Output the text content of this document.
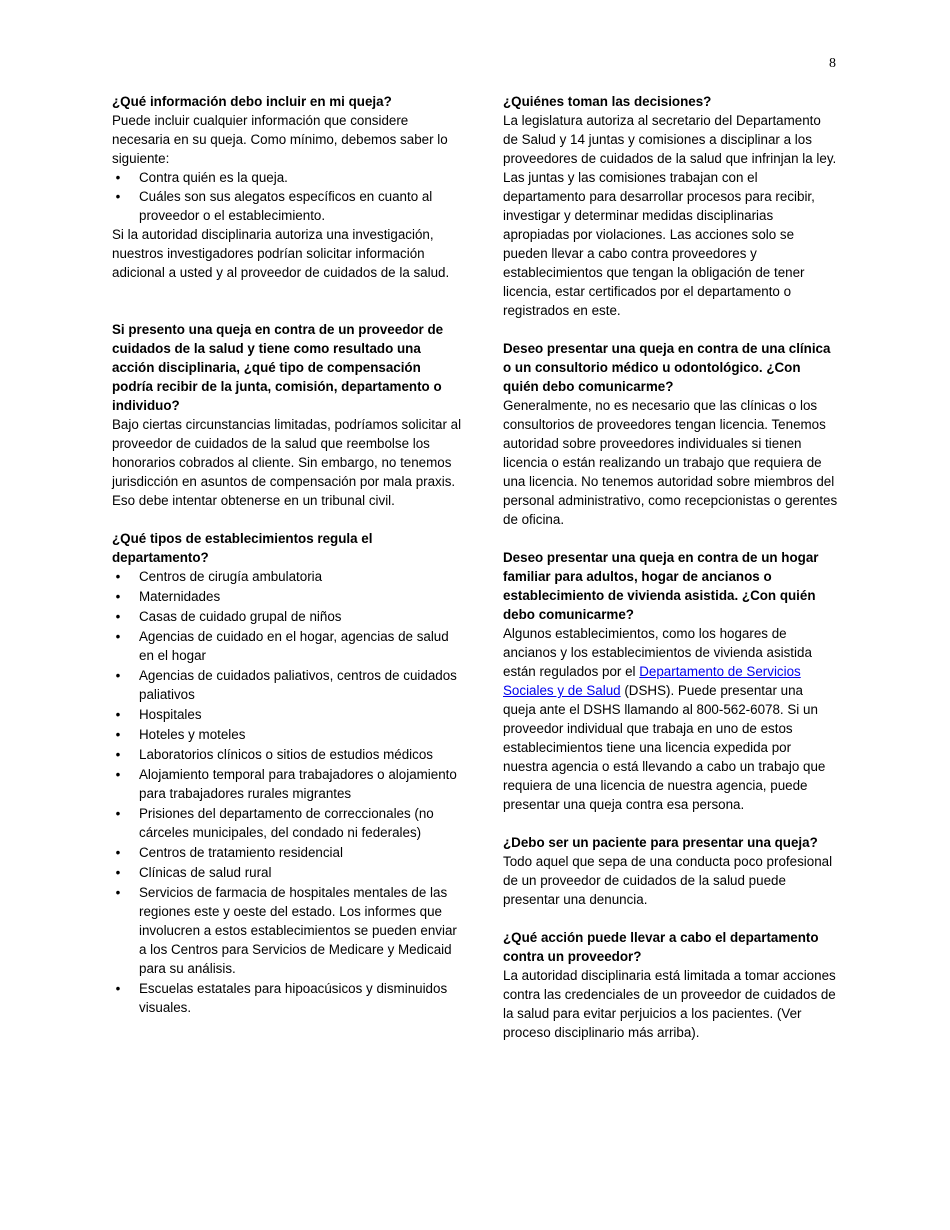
8

¿Qué información debo incluir en mi queja?

Puede incluir cualquier información que considere necesaria en su queja. Como mínimo, debemos saber lo siguiente:

• Contra quién es la queja.
• Cuáles son sus alegatos específicos en cuanto al proveedor o el establecimiento.

Si la autoridad disciplinaria autoriza una investigación, nuestros investigadores podrían solicitar información adicional a usted y al proveedor de cuidados de la salud.

Si presento una queja en contra de un proveedor de cuidados de la salud y tiene como resultado una acción disciplinaria, ¿qué tipo de compensación podría recibir de la junta, comisión, departamento o individuo?

Bajo ciertas circunstancias limitadas, podríamos solicitar al proveedor de cuidados de la salud que reembolse los honorarios cobrados al cliente. Sin embargo, no tenemos jurisdicción en asuntos de compensación por mala praxis. Eso debe intentar obtenerse en un tribunal civil.

¿Qué tipos de establecimientos regula el departamento?

• Centros de cirugía ambulatoria
• Maternidades
• Casas de cuidado grupal de niños
• Agencias de cuidado en el hogar, agencias de salud en el hogar
• Agencias de cuidados paliativos, centros de cuidados paliativos
• Hospitales
• Hoteles y moteles
• Laboratorios clínicos o sitios de estudios médicos
• Alojamiento temporal para trabajadores o alojamiento para trabajadores rurales migrantes
• Prisiones del departamento de correccionales (no cárceles municipales, del condado ni federales)
• Centros de tratamiento residencial
• Clínicas de salud rural
• Servicios de farmacia de hospitales mentales de las regiones este y oeste del estado. Los informes que involucren a estos establecimientos se pueden enviar a los Centros para Servicios de Medicare y Medicaid para su análisis.
• Escuelas estatales para hipoacúsicos y disminuidos visuales.

¿Quiénes toman las decisiones?

La legislatura autoriza al secretario del Departamento de Salud y 14 juntas y comisiones a disciplinar a los proveedores de cuidados de la salud que infrinjan la ley. Las juntas y las comisiones trabajan con el departamento para desarrollar procesos para recibir, investigar y determinar medidas disciplinarias apropiadas por violaciones. Las acciones solo se pueden llevar a cabo contra proveedores y establecimientos que tengan la obligación de tener licencia, estar certificados por el departamento o registrados en este.

Deseo presentar una queja en contra de una clínica o un consultorio médico u odontológico. ¿Con quién debo comunicarme?

Generalmente, no es necesario que las clínicas o los consultorios de proveedores tengan licencia. Tenemos autoridad sobre proveedores individuales si tienen licencia o están realizando un trabajo que requiera de una licencia. No tenemos autoridad sobre miembros del personal administrativo, como recepcionistas o gerentes de oficina.

Deseo presentar una queja en contra de un hogar familiar para adultos, hogar de ancianos o establecimiento de vivienda asistida. ¿Con quién debo comunicarme?

Algunos establecimientos, como los hogares de ancianos y los establecimientos de vivienda asistida están regulados por el Departamento de Servicios Sociales y de Salud (DSHS). Puede presentar una queja ante el DSHS llamando al 800-562-6078. Si un proveedor individual que trabaja en uno de estos establecimientos tiene una licencia expedida por nuestra agencia o está llevando a cabo un trabajo que requiera de una licencia de nuestra agencia, puede presentar una queja contra esa persona.

¿Debo ser un paciente para presentar una queja?

Todo aquel que sepa de una conducta poco profesional de un proveedor de cuidados de la salud puede presentar una denuncia.

¿Qué acción puede llevar a cabo el departamento contra un proveedor?

La autoridad disciplinaria está limitada a tomar acciones contra las credenciales de un proveedor de cuidados de la salud para evitar perjuicios a los pacientes. (Ver proceso disciplinario más arriba).
